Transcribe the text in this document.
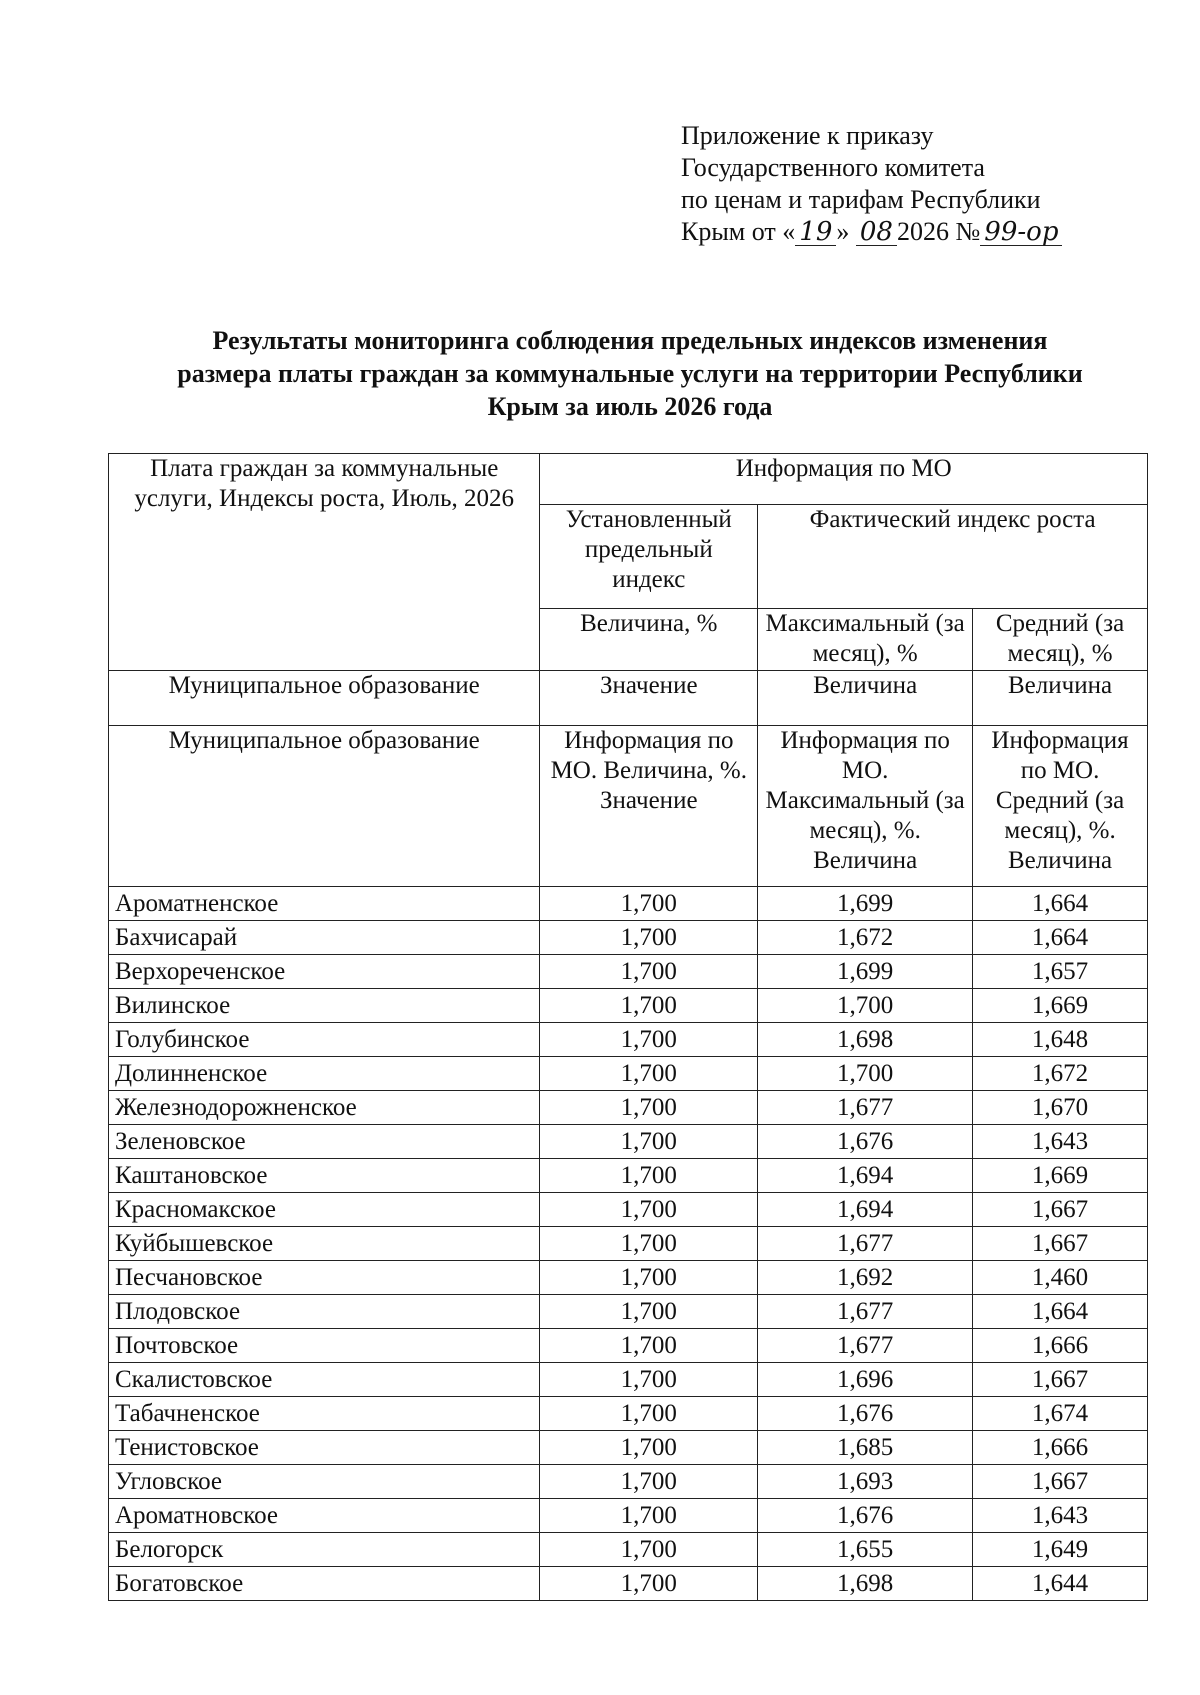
Приложение к приказу
Государственного комитета
по ценам и тарифам Республики
Крым от « 19 » 08 2026 № 99-ор
Результаты мониторинга соблюдения предельных индексов изменения
размера платы граждан за коммунальные услуги на территории Республики
Крым за июль 2026 года
Плата граждан за коммунальные услуги, Индексы роста, Июль, 2026	Информация по МО		
	Установленный предельный индекс	Фактический индекс роста	
	Величина, %	Максимальный (за месяц), %	Средний (за месяц), %
Муниципальное образование	Значение	Величина	Величина
Муниципальное образование	Информация по МО. Величина, %. Значение	Информация по МО. Максимальный (за месяц), %. Величина	Информация по МО. Средний (за месяц), %. Величина
Ароматненское	1,700	1,699	1,664
Бахчисарай	1,700	1,672	1,664
Верхореченское	1,700	1,699	1,657
Вилинское	1,700	1,700	1,669
Голубинское	1,700	1,698	1,648
Долинненское	1,700	1,700	1,672
Железнодорожненское	1,700	1,677	1,670
Зеленовское	1,700	1,676	1,643
Каштановское	1,700	1,694	1,669
Красномакское	1,700	1,694	1,667
Куйбышевское	1,700	1,677	1,667
Песчановское	1,700	1,692	1,460
Плодовское	1,700	1,677	1,664
Почтовское	1,700	1,677	1,666
Скалистовское	1,700	1,696	1,667
Табачненское	1,700	1,676	1,674
Тенистовское	1,700	1,685	1,666
Угловское	1,700	1,693	1,667
Ароматновское	1,700	1,676	1,643
Белогорск	1,700	1,655	1,649
Богатовское	1,700	1,698	1,644
